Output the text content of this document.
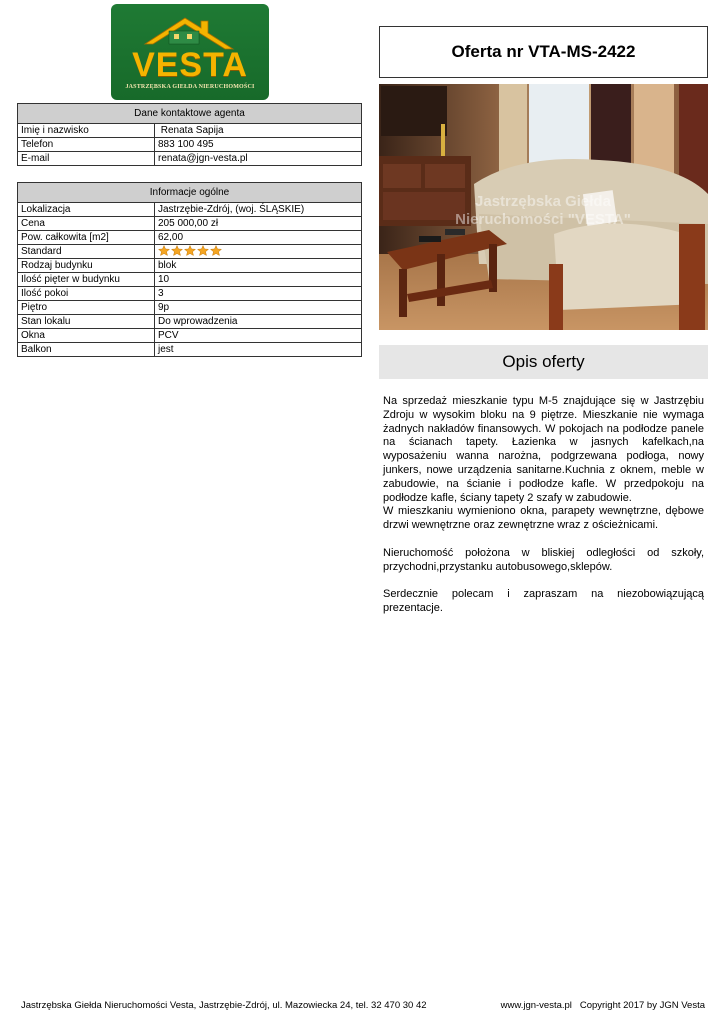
VESTA
JASTRZĘBSKA GIEŁDA NIERUCHOMOŚCI
Dane kontaktowe agenta	
Imię i nazwisko	Renata Sapija
Telefon	883 100 495
E-mail	renata@jgn-vesta.pl
Informacje ogólne	
Lokalizacja	Jastrzębie-Zdrój, (woj. ŚLĄSKIE)
Cena	205 000,00 zł
Pow. całkowita [m2]	62,00
Standard	

Rodzaj budynku	blok
Ilość pięter w budynku	10
Ilość pokoi	3
Piętro	9p
Stan lokalu	Do wprowadzenia
Okna	PCV
Balkon	jest
Oferta nr VTA-MS-2422
Jastrzębska Giełda
Nieruchomości "VESTA"
Opis oferty

Na sprzedaż mieszkanie typu M-5 znajdujące się w Jastrzębiu Zdroju w wysokim bloku na 9 piętrze. Mieszkanie nie wymaga żadnych nakładów finansowych. W pokojach na podłodze panele na ścianach tapety. Łazienka w jasnych kafelkach,na wyposażeniu wanna narożna, podgrzewana podłoga, nowy junkers, nowe urządzenia sanitarne.Kuchnia z oknem, meble w zabudowie, na ścianie i podłodze kafle. W przedpokoju na podłodze kafle, ściany tapety 2 szafy w zabudowie.

W mieszkaniu wymieniono okna, parapety wewnętrzne, dębowe drzwi wewnętrzne oraz zewnętrzne wraz z ościeżnicami.

Nieruchomość położona w bliskiej odległości od szkoły, przychodni,przystanku autobusowego,sklepów.

Serdecznie polecam i zapraszam na niezobowiązującą prezentacje.

Jastrzębska Giełda Nieruchomości Vesta, Jastrzębie-Zdrój, ul. Mazowiecka 24, tel. 32 470 30 42	www.jgn-vesta.pl Copyright 2017 by JGN Vesta
